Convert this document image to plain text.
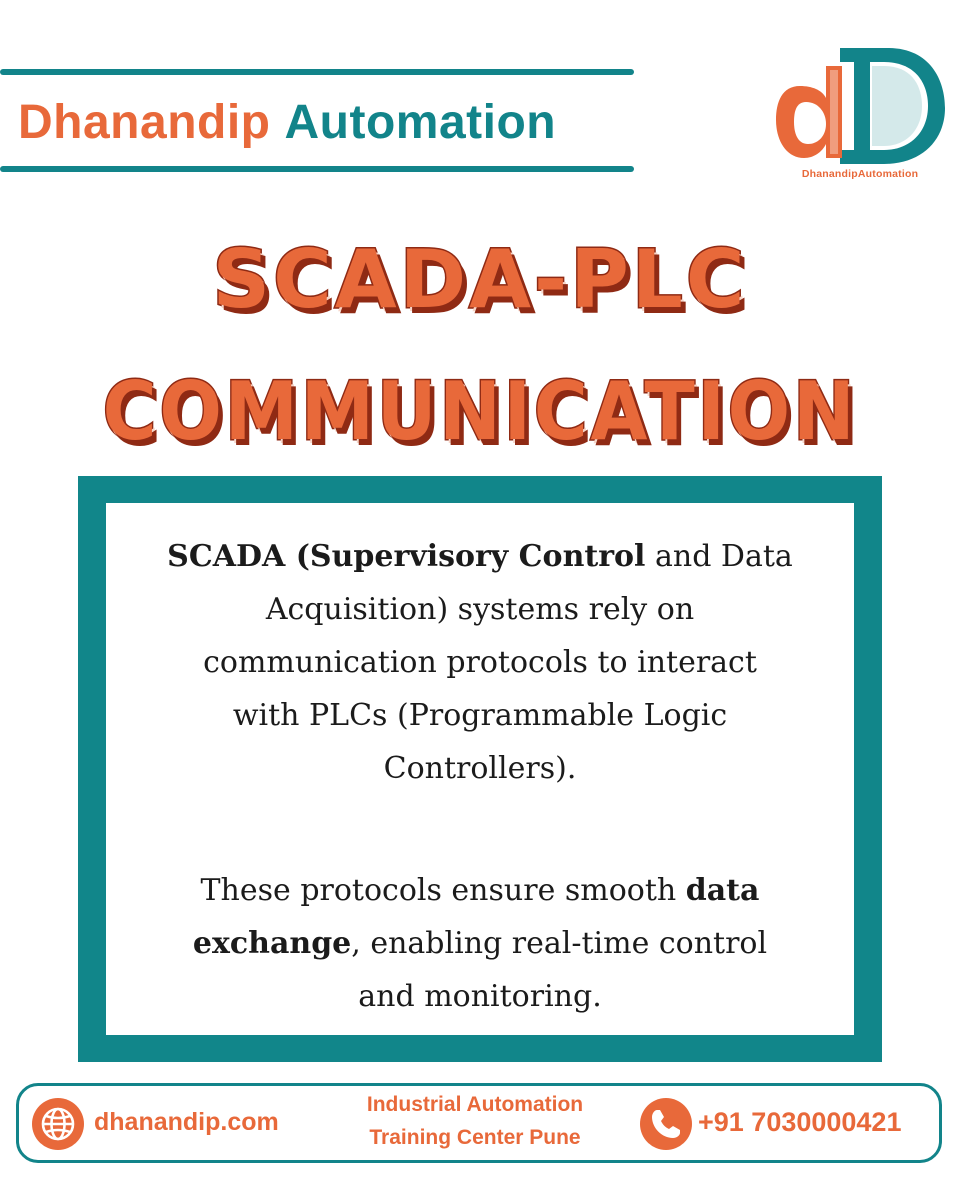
Dhanandip Automation
DhanandipAutomation
SCADA-PLC
COMMUNICATION
SCADA (Supervisory Control and Data
Acquisition) systems rely on
communication protocols to interact
with PLCs (Programmable Logic
Controllers).
These protocols ensure smooth data
exchange, enabling real-time control
and monitoring.
dhanandip.com
Industrial Automation
Training Center Pune
+91 7030000421
